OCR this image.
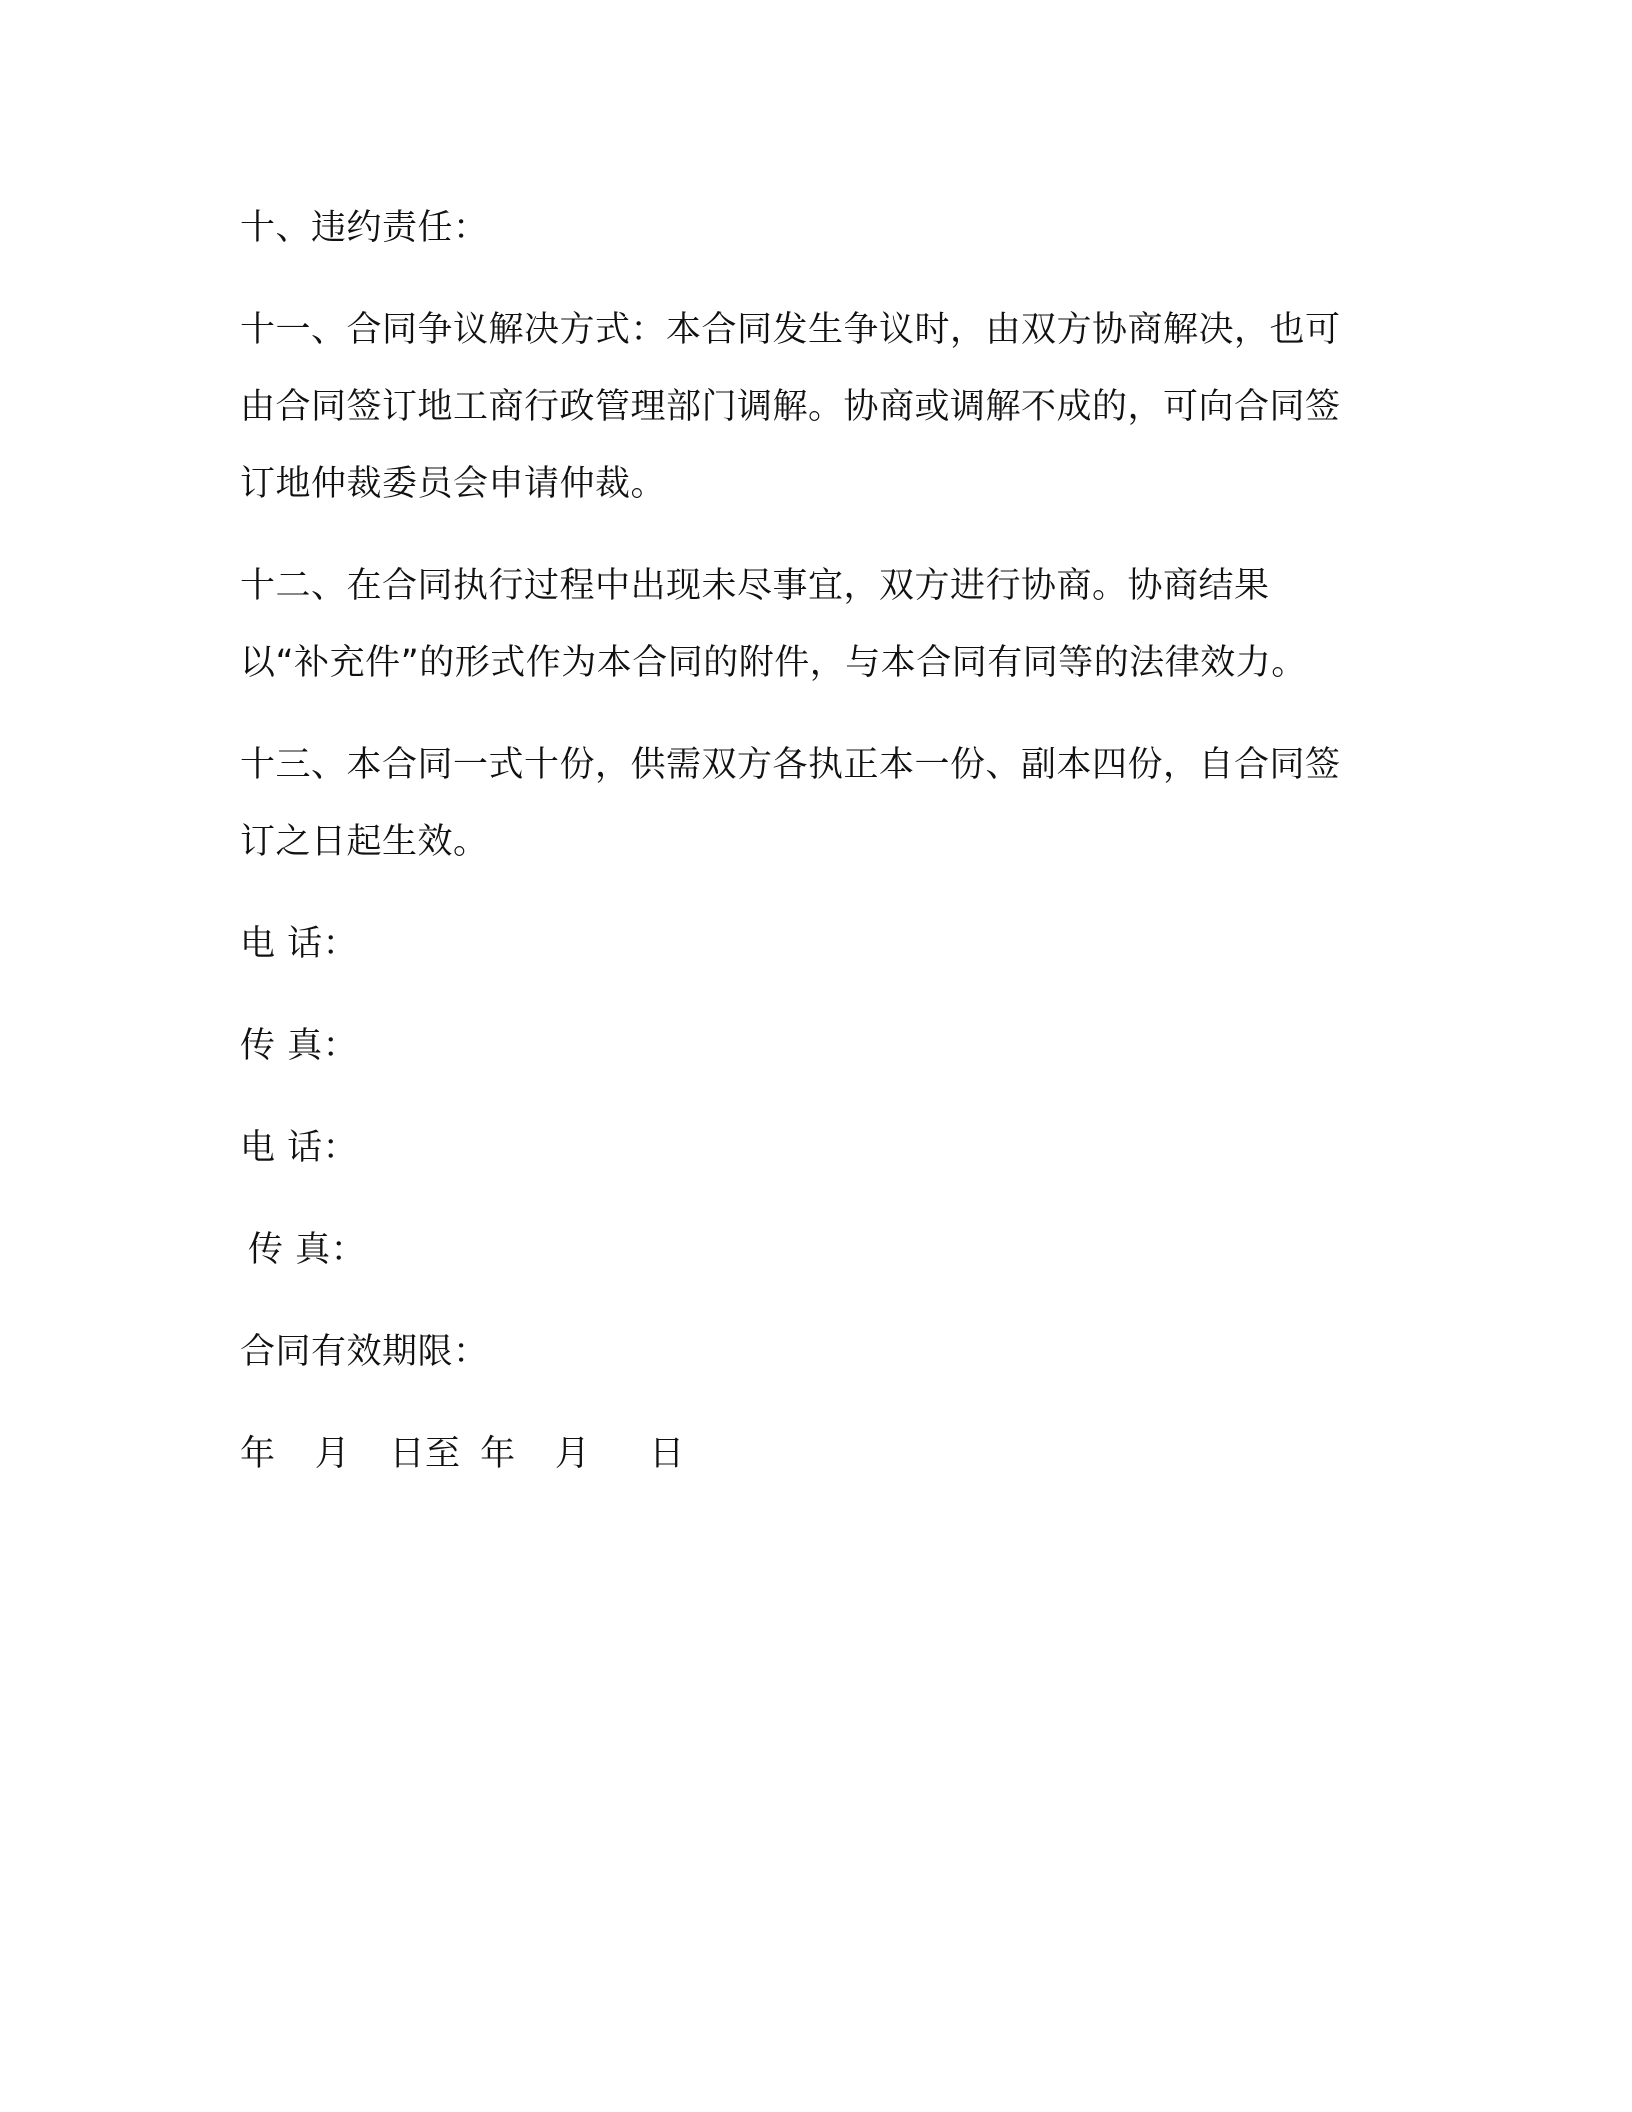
十、违约责任：

十一、合同争议解决方式：本合同发生争议时，由双方协商解决，也可由合同签订地工商行政管理部门调解。协商或调解不成的，可向合同签订地仲裁委员会申请仲裁。

十二、在合同执行过程中出现未尽事宜，双方进行协商。协商结果以“补充件”的形式作为本合同的附件，与本合同有同等的法律效力。

十三、本合同一式十份，供需双方各执正本一份、副本四份，自合同签订之日起生效。

电 话：

传 真：

电 话：

传 真：

合同有效期限：

年  月  日至 年  月   日
